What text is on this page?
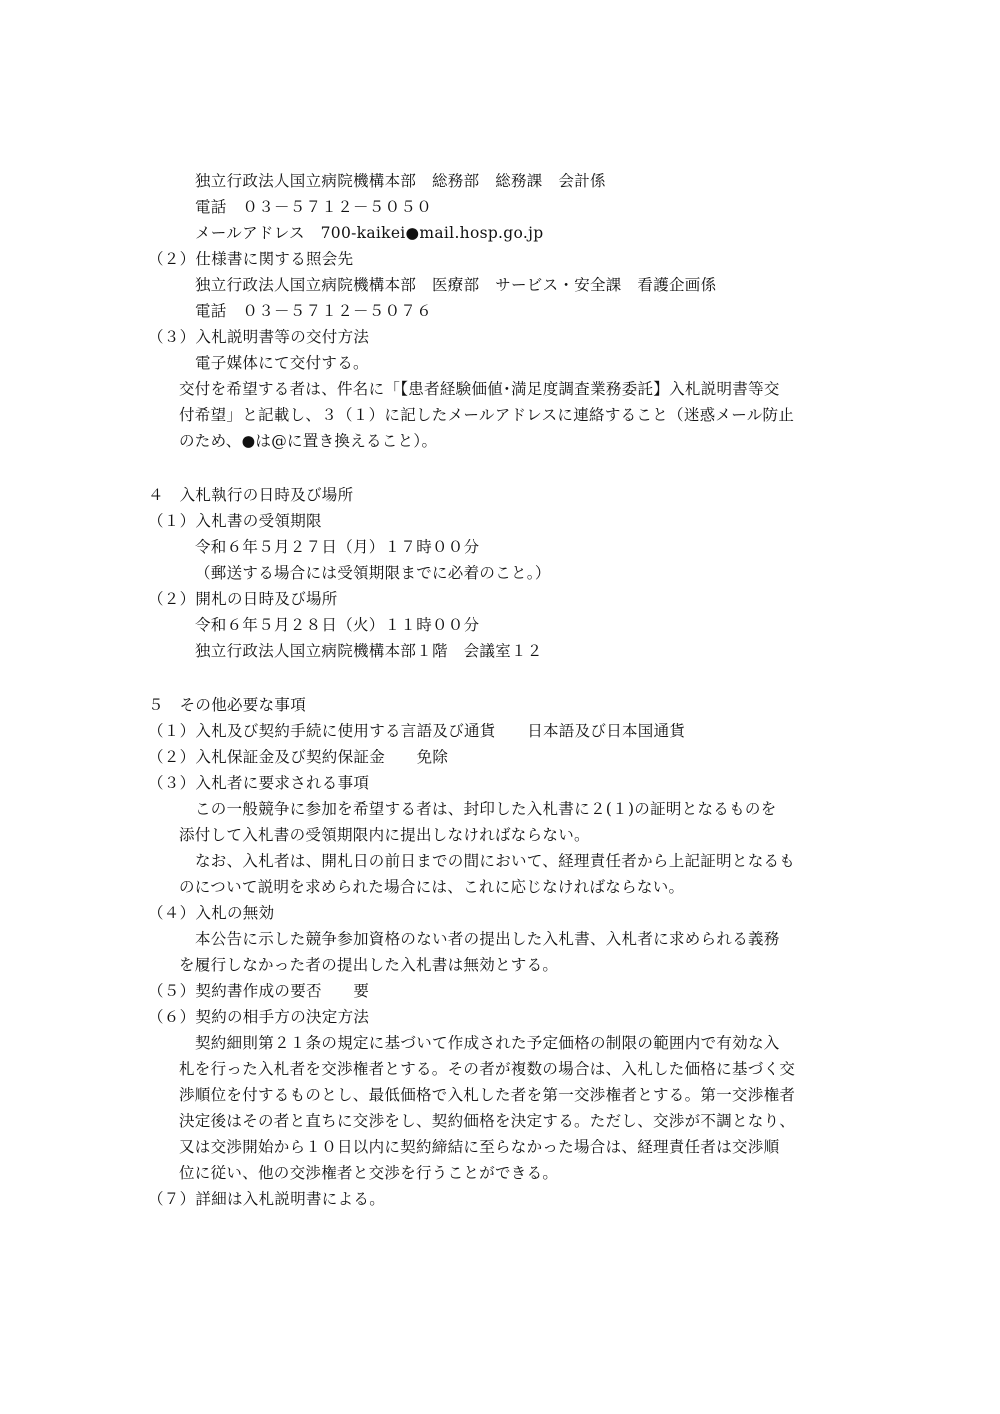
独立行政法人国立病院機構本部　総務部　総務課　会計係
電話　０３－５７１２－５０５０
メールアドレス　700-kaikei●mail.hosp.go.jp
（２）仕様書に関する照会先
独立行政法人国立病院機構本部　医療部　サービス・安全課　看護企画係
電話　０３－５７１２－５０７６
（３）入札説明書等の交付方法
電子媒体にて交付する。
交付を希望する者は、件名に「【患者経験価値･満足度調査業務委託】入札説明書等交
付希望」と記載し、３（１）に記したメールアドレスに連絡すること（迷惑メール防止
のため、●は@に置き換えること）。
４　入札執行の日時及び場所
（１）入札書の受領期限
令和６年５月２７日（月）１７時００分
（郵送する場合には受領期限までに必着のこと。）
（２）開札の日時及び場所
令和６年５月２８日（火）１１時００分
独立行政法人国立病院機構本部１階　会議室１２
５　その他必要な事項
（１）入札及び契約手続に使用する言語及び通貨　　日本語及び日本国通貨
（２）入札保証金及び契約保証金　　免除
（３）入札者に要求される事項
この一般競争に参加を希望する者は、封印した入札書に２(１)の証明となるものを
添付して入札書の受領期限内に提出しなければならない。
なお、入札者は、開札日の前日までの間において、経理責任者から上記証明となるも
のについて説明を求められた場合には、これに応じなければならない。
（４）入札の無効
本公告に示した競争参加資格のない者の提出した入札書、入札者に求められる義務
を履行しなかった者の提出した入札書は無効とする。
（５）契約書作成の要否　　要
（６）契約の相手方の決定方法
契約細則第２１条の規定に基づいて作成された予定価格の制限の範囲内で有効な入
札を行った入札者を交渉権者とする。その者が複数の場合は、入札した価格に基づく交
渉順位を付するものとし、最低価格で入札した者を第一交渉権者とする。第一交渉権者
決定後はその者と直ちに交渉をし、契約価格を決定する。ただし、交渉が不調となり、
又は交渉開始から１０日以内に契約締結に至らなかった場合は、経理責任者は交渉順
位に従い、他の交渉権者と交渉を行うことができる。
（７）詳細は入札説明書による。
